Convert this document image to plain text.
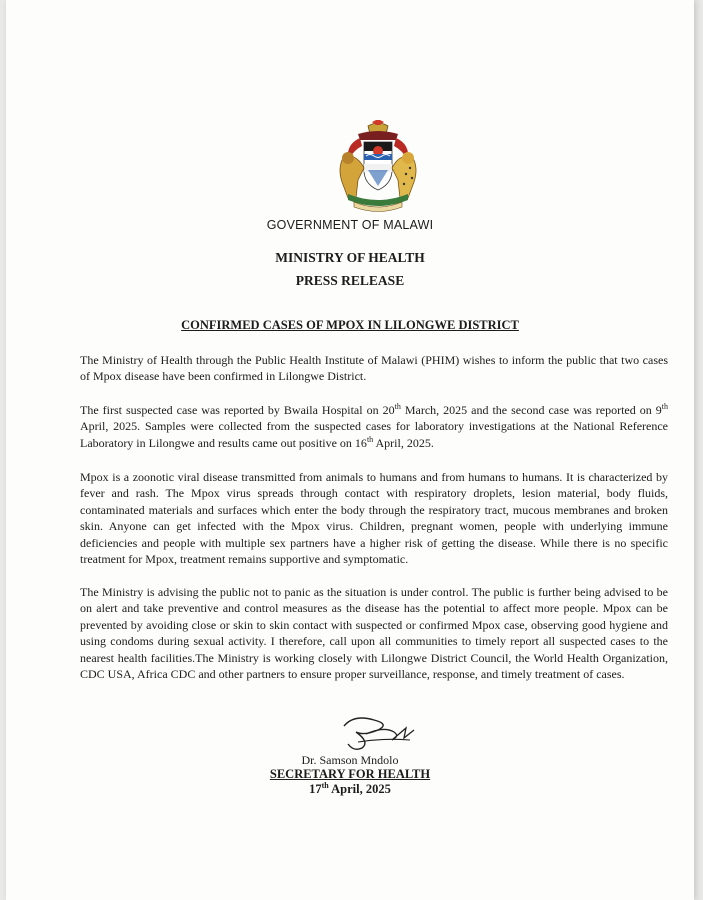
GOVERNMENT OF MALAWI
MINISTRY OF HEALTH
PRESS RELEASE
CONFIRMED CASES OF MPOX IN LILONGWE DISTRICT
The Ministry of Health through the Public Health Institute of Malawi (PHIM) wishes to inform the public that two cases of Mpox disease have been confirmed in Lilongwe District.
The first suspected case was reported by Bwaila Hospital on 20th March, 2025 and the second case was reported on 9th April, 2025. Samples were collected from the suspected cases for laboratory investigations at the National Reference Laboratory in Lilongwe and results came out positive on 16th April, 2025.
Mpox is a zoonotic viral disease transmitted from animals to humans and from humans to humans. It is characterized by fever and rash. The Mpox virus spreads through contact with respiratory droplets, lesion material, body fluids, contaminated materials and surfaces which enter the body through the respiratory tract, mucous membranes and broken skin. Anyone can get infected with the Mpox virus. Children, pregnant women, people with underlying immune deficiencies and people with multiple sex partners have a higher risk of getting the disease. While there is no specific treatment for Mpox, treatment remains supportive and symptomatic.
The Ministry is advising the public not to panic as the situation is under control. The public is further being advised to be on alert and take preventive and control measures as the disease has the potential to affect more people. Mpox can be prevented by avoiding close or skin to skin contact with suspected or confirmed Mpox case, observing good hygiene and using condoms during sexual activity. I therefore, call upon all communities to timely report all suspected cases to the nearest health facilities.The Ministry is working closely with Lilongwe District Council, the World Health Organization, CDC USA, Africa CDC and other partners to ensure proper surveillance, response, and timely treatment of cases.
Dr. Samson Mndolo
SECRETARY FOR HEALTH
17th April, 2025
